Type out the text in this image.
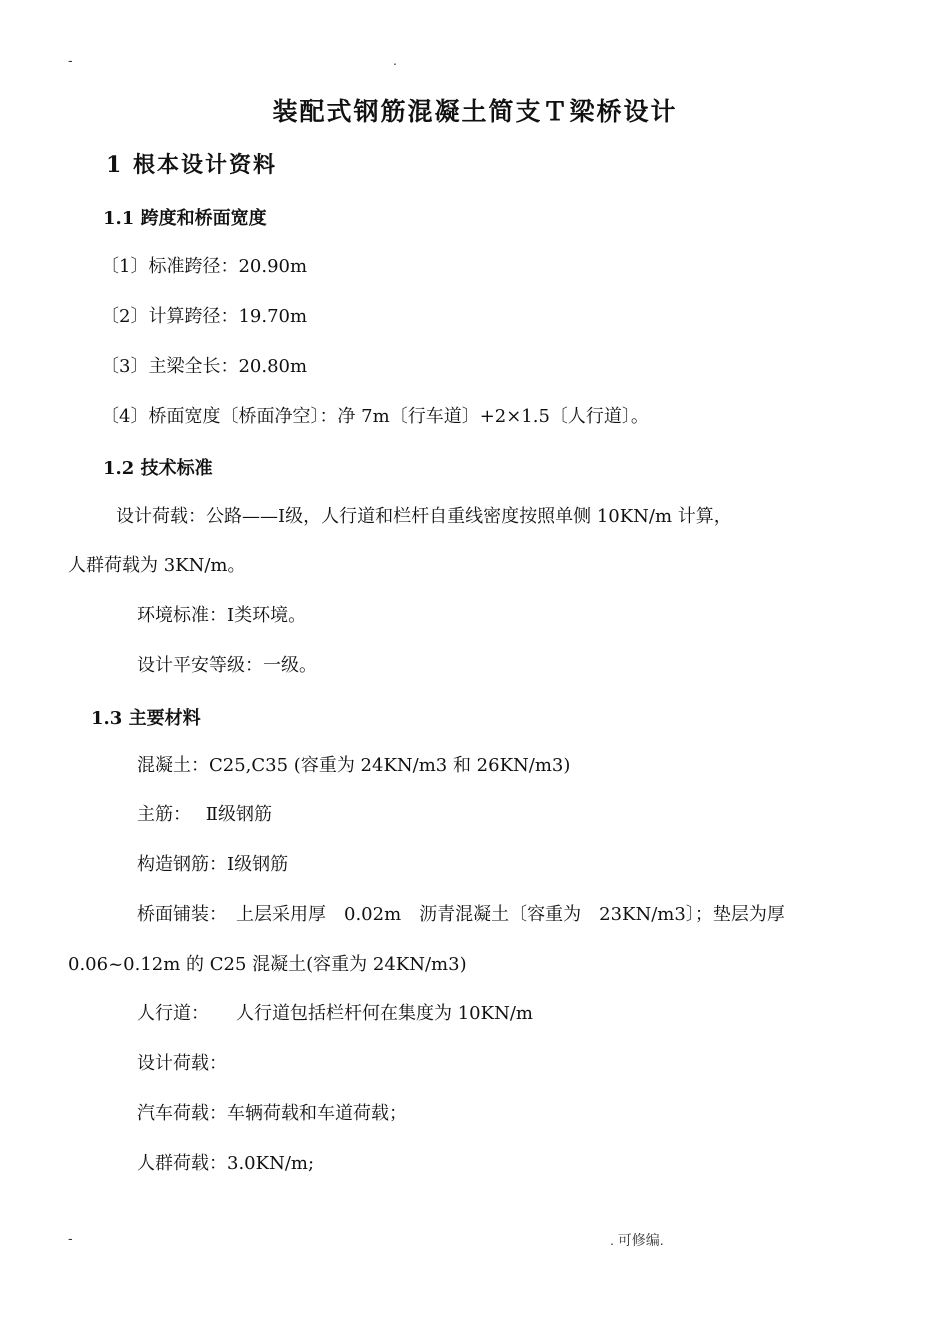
-	.
装配式钢筋混凝土简支Ｔ梁桥设计
1 根本设计资料
1.1 跨度和桥面宽度
〔1〕标准跨径：20.90m
〔2〕计算跨径：19.70m
〔3〕主梁全长：20.80m
〔4〕桥面宽度〔桥面净空〕：净 7m〔行车道〕+2×1.5〔人行道〕。
1.2 技术标准
设计荷载：公路——Ⅰ级，人行道和栏杆自重线密度按照单侧 10KN/m 计算，
人群荷载为 3KN/m。
环境标准：Ⅰ类环境。
设计平安等级：一级。
1.3 主要材料
混凝土：C25,C35 (容重为 24KN/m3 和 26KN/m3)
主筋：　 Ⅱ级钢筋
构造钢筋：Ⅰ级钢筋
桥面铺装：　上层采用厚　0.02m　沥青混凝土〔容重为　23KN/m3〕；垫层为厚
0.06~0.12m 的 C25 混凝土(容重为 24KN/m3)
人行道：　　人行道包括栏杆何在集度为 10KN/m
设计荷载：
汽车荷载：车辆荷载和车道荷载；
人群荷载：3.0KN/m;
-	. 可修编.
